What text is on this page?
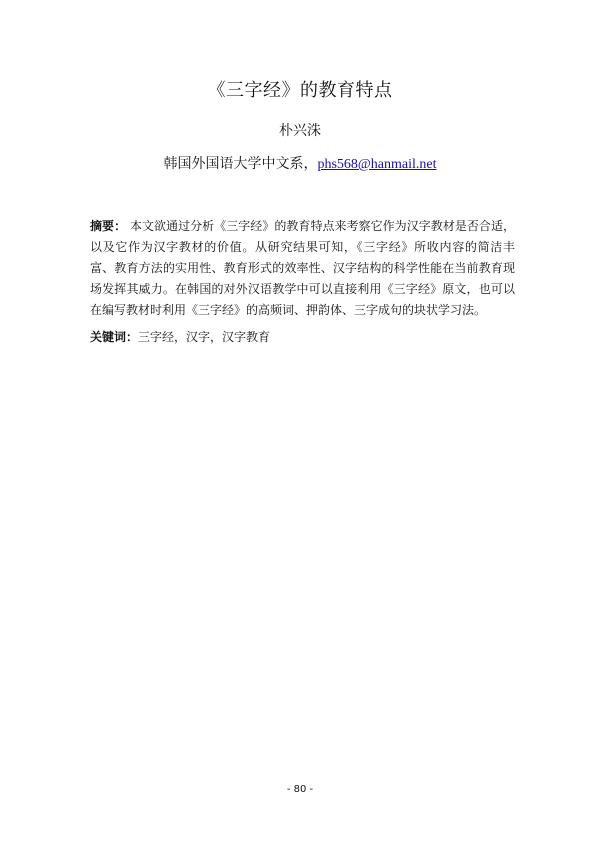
《三字经》的教育特点
朴兴洙
韩国外国语大学中文系，phs568@hanmail.net

摘要： 本文欲通过分析《三字经》的教育特点来考察它作为汉字教材是否合适，以及它作为汉字教材的价值。从研究结果可知，《三字经》所收内容的简洁丰富、教育方法的实用性、教育形式的效率性、汉字结构的科学性能在当前教育现场发挥其威力。在韩国的对外汉语教学中可以直接利用《三字经》原文，也可以在编写教材时利用《三字经》的高频词、押韵体、三字成句的块状学习法。

关键词：三字经，汉字，汉字教育

- 80 -
